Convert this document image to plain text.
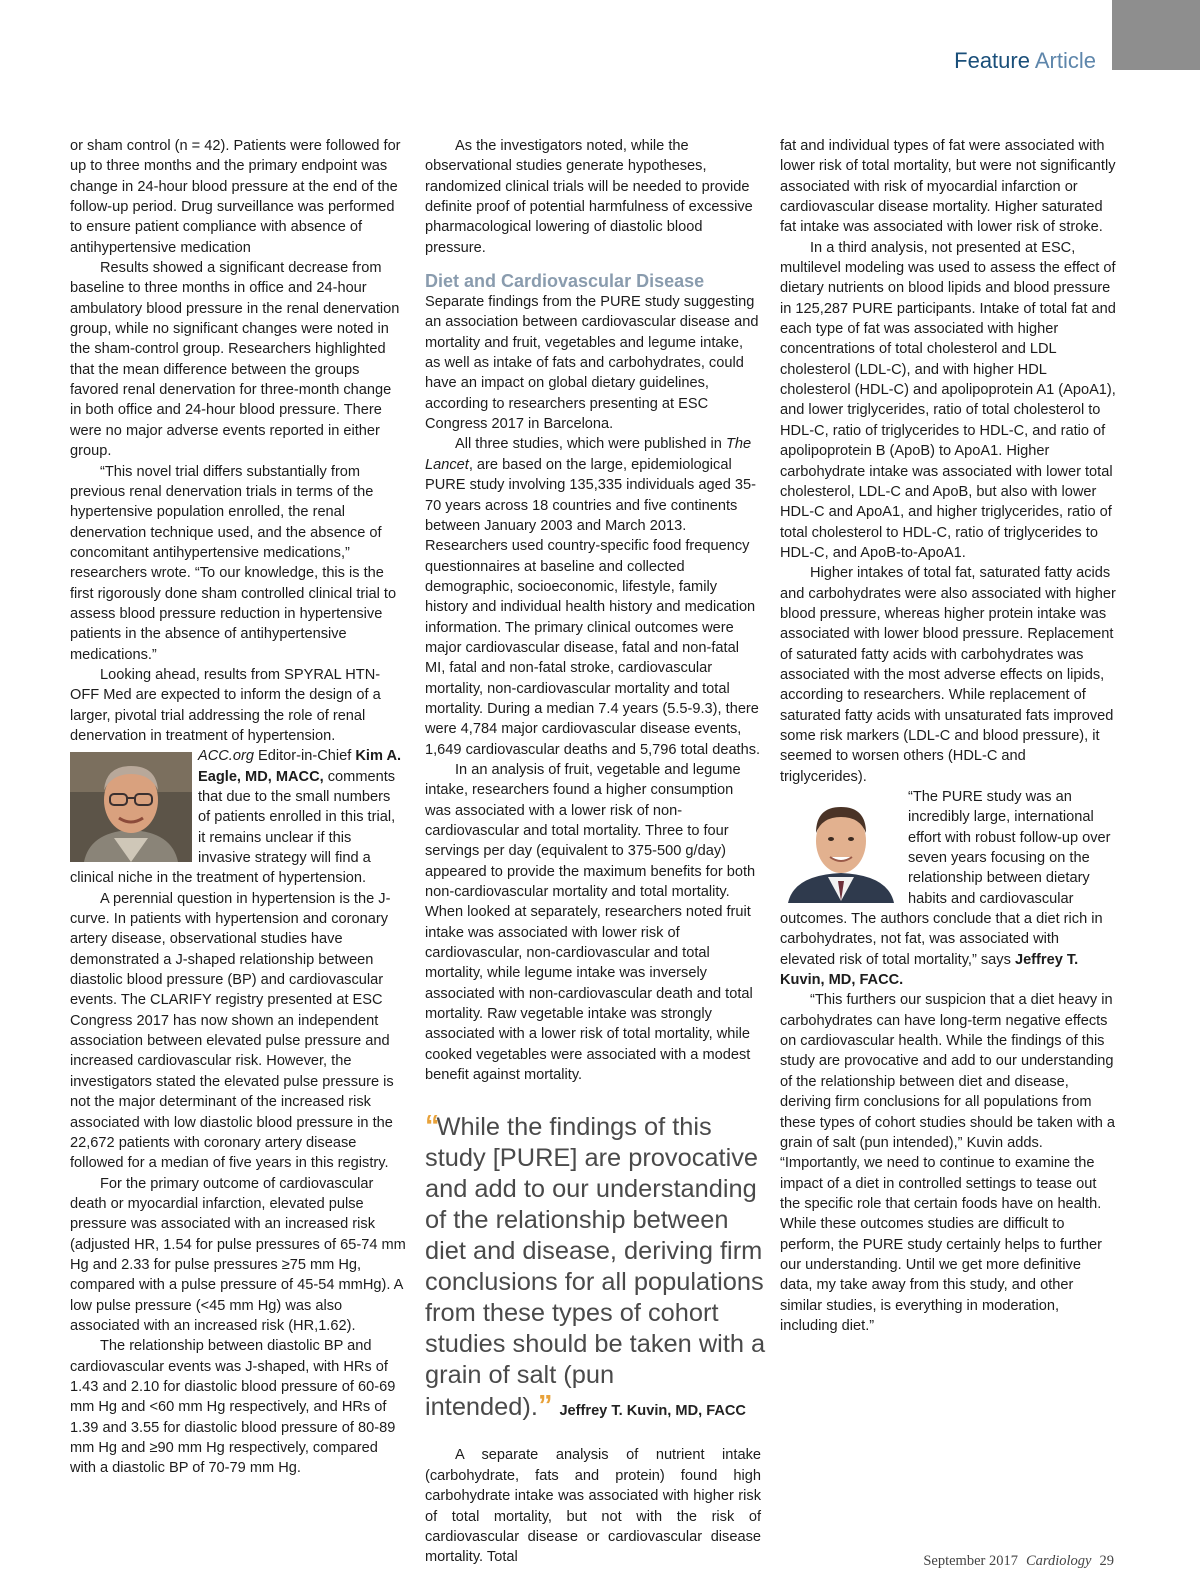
Feature Article

or sham control (n = 42). Patients were followed for up to three months and the primary endpoint was change in 24-hour blood pressure at the end of the follow-up period. Drug surveillance was performed to ensure patient compliance with absence of antihypertensive medication

Results showed a significant decrease from baseline to three months in office and 24-hour ambulatory blood pressure in the renal denervation group, while no significant changes were noted in the sham-control group. Researchers highlighted that the mean difference between the groups favored renal denervation for three-month change in both office and 24-hour blood pressure. There were no major adverse events reported in either group.

“This novel trial differs substantially from previous renal denervation trials in terms of the hypertensive population enrolled, the renal denervation technique used, and the absence of concomitant antihypertensive medications,” researchers wrote. “To our knowledge, this is the first rigorously done sham controlled clinical trial to assess blood pressure reduction in hypertensive patients in the absence of antihypertensive medications.”

Looking ahead, results from SPYRAL HTN-OFF Med are expected to inform the design of a larger, pivotal trial addressing the role of renal denervation in treatment of hypertension.

ACC.org Editor-in-Chief Kim A. Eagle, MD, MACC, comments that due to the small numbers of patients enrolled in this trial, it remains unclear if this invasive strategy will find a clinical niche in the treatment of hypertension.

A perennial question in hypertension is the J-curve. In patients with hypertension and coronary artery disease, observational studies have demonstrated a J-shaped relationship between diastolic blood pressure (BP) and cardiovascular events. The CLARIFY registry presented at ESC Congress 2017 has now shown an independent association between elevated pulse pressure and increased cardiovascular risk. However, the investigators stated the elevated pulse pressure is not the major determinant of the increased risk associated with low diastolic blood pressure in the 22,672 patients with coronary artery disease followed for a median of five years in this registry.

For the primary outcome of cardiovascular death or myocardial infarction, elevated pulse pressure was associated with an increased risk (adjusted HR, 1.54 for pulse pressures of 65-74 mm Hg and 2.33 for pulse pressures ≥75 mm Hg, compared with a pulse pressure of 45-54 mmHg). A low pulse pressure (<45 mm Hg) was also associated with an increased risk (HR,1.62).

The relationship between diastolic BP and cardiovascular events was J-shaped, with HRs of 1.43 and 2.10 for diastolic blood pressure of 60-69 mm Hg and <60 mm Hg respectively, and HRs of 1.39 and 3.55 for diastolic blood pressure of 80-89 mm Hg and ≥90 mm Hg respectively, compared with a diastolic BP of 70-79 mm Hg.

As the investigators noted, while the observational studies generate hypotheses, randomized clinical trials will be needed to provide definite proof of potential harmfulness of excessive pharmacological lowering of diastolic blood pressure.

Diet and Cardiovascular Disease

Separate findings from the PURE study suggesting an association between cardiovascular disease and mortality and fruit, vegetables and legume intake, as well as intake of fats and carbohydrates, could have an impact on global dietary guidelines, according to researchers presenting at ESC Congress 2017 in Barcelona.

All three studies, which were published in The Lancet, are based on the large, epidemiological PURE study involving 135,335 individuals aged 35-70 years across 18 countries and five continents between January 2003 and March 2013. Researchers used country-specific food frequency questionnaires at baseline and collected demographic, socioeconomic, lifestyle, family history and individual health history and medication information. The primary clinical outcomes were major cardiovascular disease, fatal and non-fatal MI, fatal and non-fatal stroke, cardiovascular mortality, non-cardiovascular mortality and total mortality. During a median 7.4 years (5.5-9.3), there were 4,784 major cardiovascular disease events, 1,649 cardiovascular deaths and 5,796 total deaths.

In an analysis of fruit, vegetable and legume intake, researchers found a higher consumption was associated with a lower risk of non-cardiovascular and total mortality. Three to four servings per day (equivalent to 375-500 g/day) appeared to provide the maximum benefits for both non-cardiovascular mortality and total mortality. When looked at separately, researchers noted fruit intake was associated with lower risk of cardiovascular, non-cardiovascular and total mortality, while legume intake was inversely associated with non-cardiovascular death and total mortality. Raw vegetable intake was strongly associated with a lower risk of total mortality, while cooked vegetables were associated with a modest benefit against mortality.

“While the findings of this study [PURE] are provocative and add to our understanding of the relationship between diet and disease, deriving firm conclusions for all populations from these types of cohort studies should be taken with a grain of salt (pun intended).” Jeffrey T. Kuvin, MD, FACC

A separate analysis of nutrient intake (carbohydrate, fats and protein) found high carbohydrate intake was associated with higher risk of total mortality, but not with the risk of cardiovascular disease or cardiovascular disease mortality. Total

fat and individual types of fat were associated with lower risk of total mortality, but were not significantly associated with risk of myocardial infarction or cardiovascular disease mortality. Higher saturated fat intake was associated with lower risk of stroke.

In a third analysis, not presented at ESC, multilevel modeling was used to assess the effect of dietary nutrients on blood lipids and blood pressure in 125,287 PURE participants. Intake of total fat and each type of fat was associated with higher concentrations of total cholesterol and LDL cholesterol (LDL-C), and with higher HDL cholesterol (HDL-C) and apolipoprotein A1 (ApoA1), and lower triglycerides, ratio of total cholesterol to HDL-C, ratio of triglycerides to HDL-C, and ratio of apolipoprotein B (ApoB) to ApoA1. Higher carbohydrate intake was associated with lower total cholesterol, LDL-C and ApoB, but also with lower HDL-C and ApoA1, and higher triglycerides, ratio of total cholesterol to HDL-C, ratio of triglycerides to HDL-C, and ApoB-to-ApoA1.

Higher intakes of total fat, saturated fatty acids and carbohydrates were also associated with higher blood pressure, whereas higher protein intake was associated with lower blood pressure. Replacement of saturated fatty acids with carbohydrates was associated with the most adverse effects on lipids, according to researchers. While replacement of saturated fatty acids with unsaturated fats improved some risk markers (LDL-C and blood pressure), it seemed to worsen others (HDL-C and triglycerides).

“The PURE study was an incredibly large, international effort with robust follow-up over seven years focusing on the relationship between dietary habits and cardiovascular outcomes. The authors conclude that a diet rich in carbohydrates, not fat, was associated with elevated risk of total mortality,” says Jeffrey T. Kuvin, MD, FACC.

“This furthers our suspicion that a diet heavy in carbohydrates can have long-term negative effects on cardiovascular health. While the findings of this study are provocative and add to our understanding of the relationship between diet and disease, deriving firm conclusions for all populations from these types of cohort studies should be taken with a grain of salt (pun intended),” Kuvin adds. “Importantly, we need to continue to examine the impact of a diet in controlled settings to tease out the specific role that certain foods have on health. While these outcomes studies are difficult to perform, the PURE study certainly helps to further our understanding. Until we get more definitive data, my take away from this study, and other similar studies, is everything in moderation, including diet.”

September 2017 Cardiology 29
